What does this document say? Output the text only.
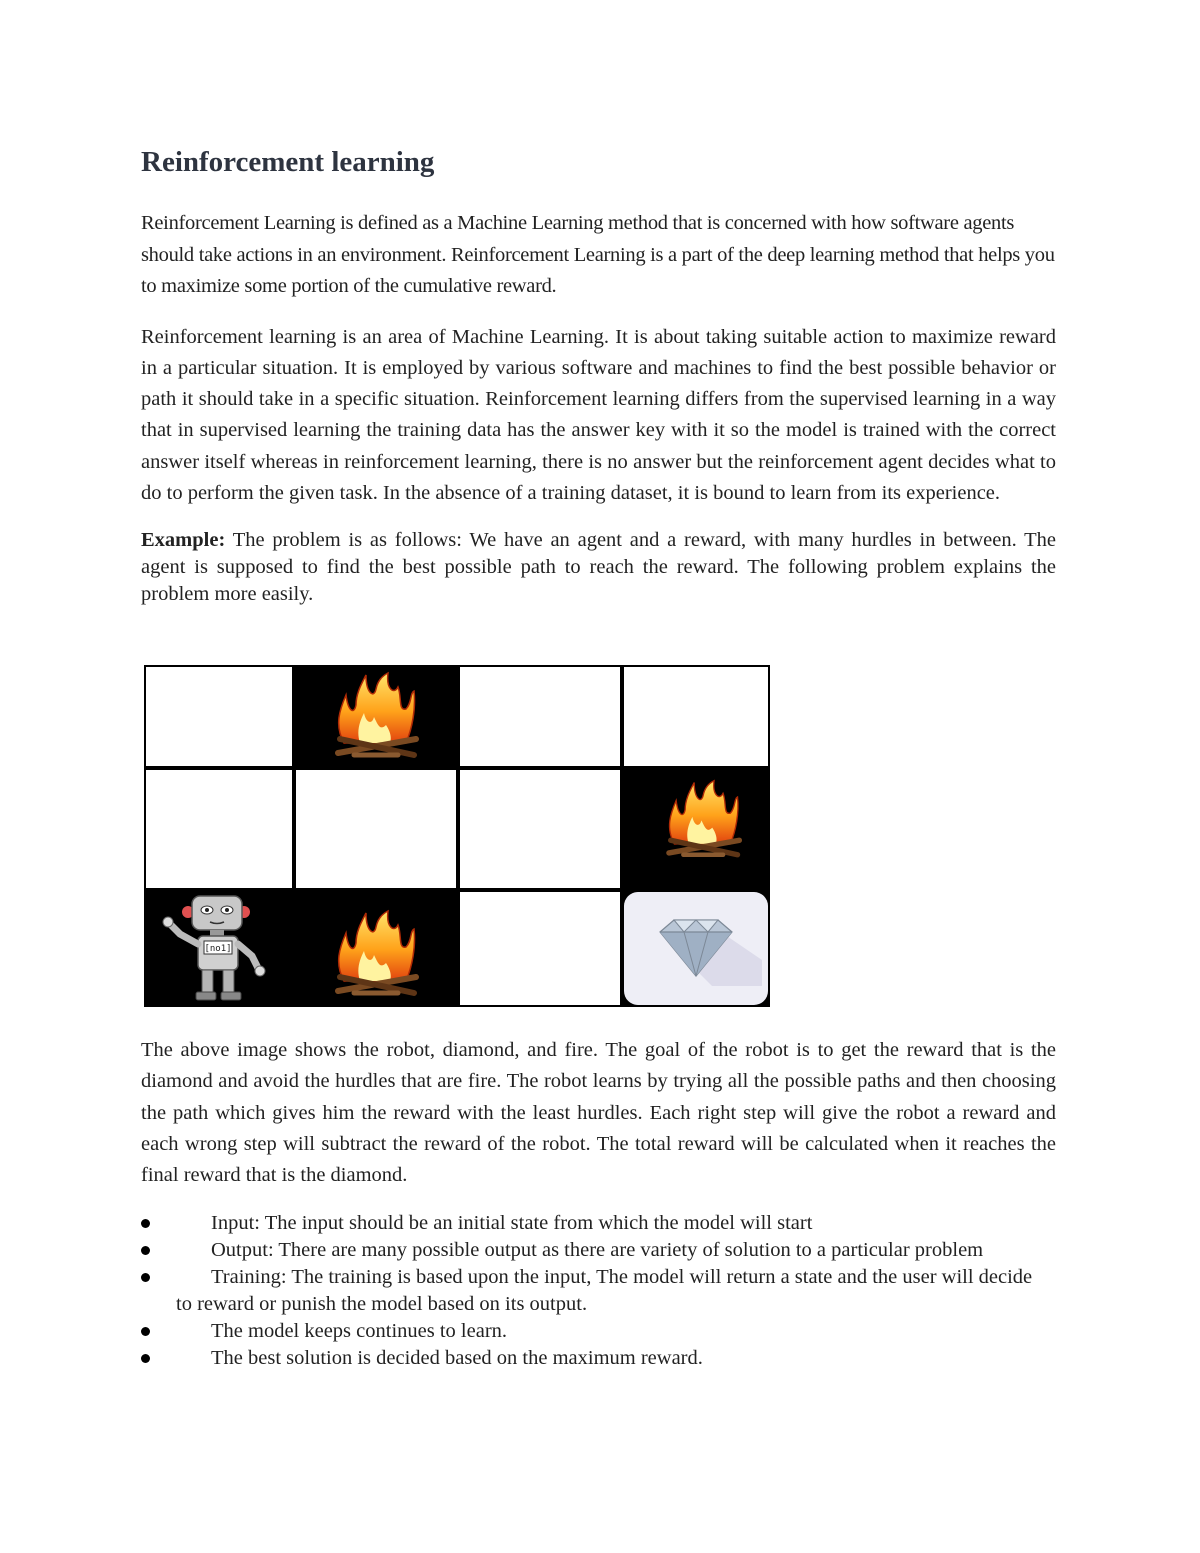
Reinforcement learning

Reinforcement Learning is defined as a Machine Learning method that is concerned with how software agents should take actions in an environment. Reinforcement Learning is a part of the deep learning method that helps you to maximize some portion of the cumulative reward.

Reinforcement learning is an area of Machine Learning. It is about taking suitable action to maximize reward in a particular situation. It is employed by various software and machines to find the best possible behavior or path it should take in a specific situation. Reinforcement learning differs from the supervised learning in a way that in supervised learning the training data has the answer key with it so the model is trained with the correct answer itself whereas in reinforcement learning, there is no answer but the reinforcement agent decides what to do to perform the given task. In the absence of a training dataset, it is bound to learn from its experience.

Example: The problem is as follows: We have an agent and a reward, with many hurdles in between. The agent is supposed to find the best possible path to reach the reward. The following problem explains the problem more easily.

[no1]

The above image shows the robot, diamond, and fire. The goal of the robot is to get the reward that is the diamond and avoid the hurdles that are fire. The robot learns by trying all the possible paths and then choosing the path which gives him the reward with the least hurdles. Each right step will give the robot a reward and each wrong step will subtract the reward of the robot. The total reward will be calculated when it reaches the final reward that is the diamond.

Input: The input should be an initial state from which the model will start
Output: There are many possible output as there are variety of solution to a particular problem
Training: The training is based upon the input, The model will return a state and the user will decide to reward or punish the model based on its output.
The model keeps continues to learn.
The best solution is decided based on the maximum reward.
